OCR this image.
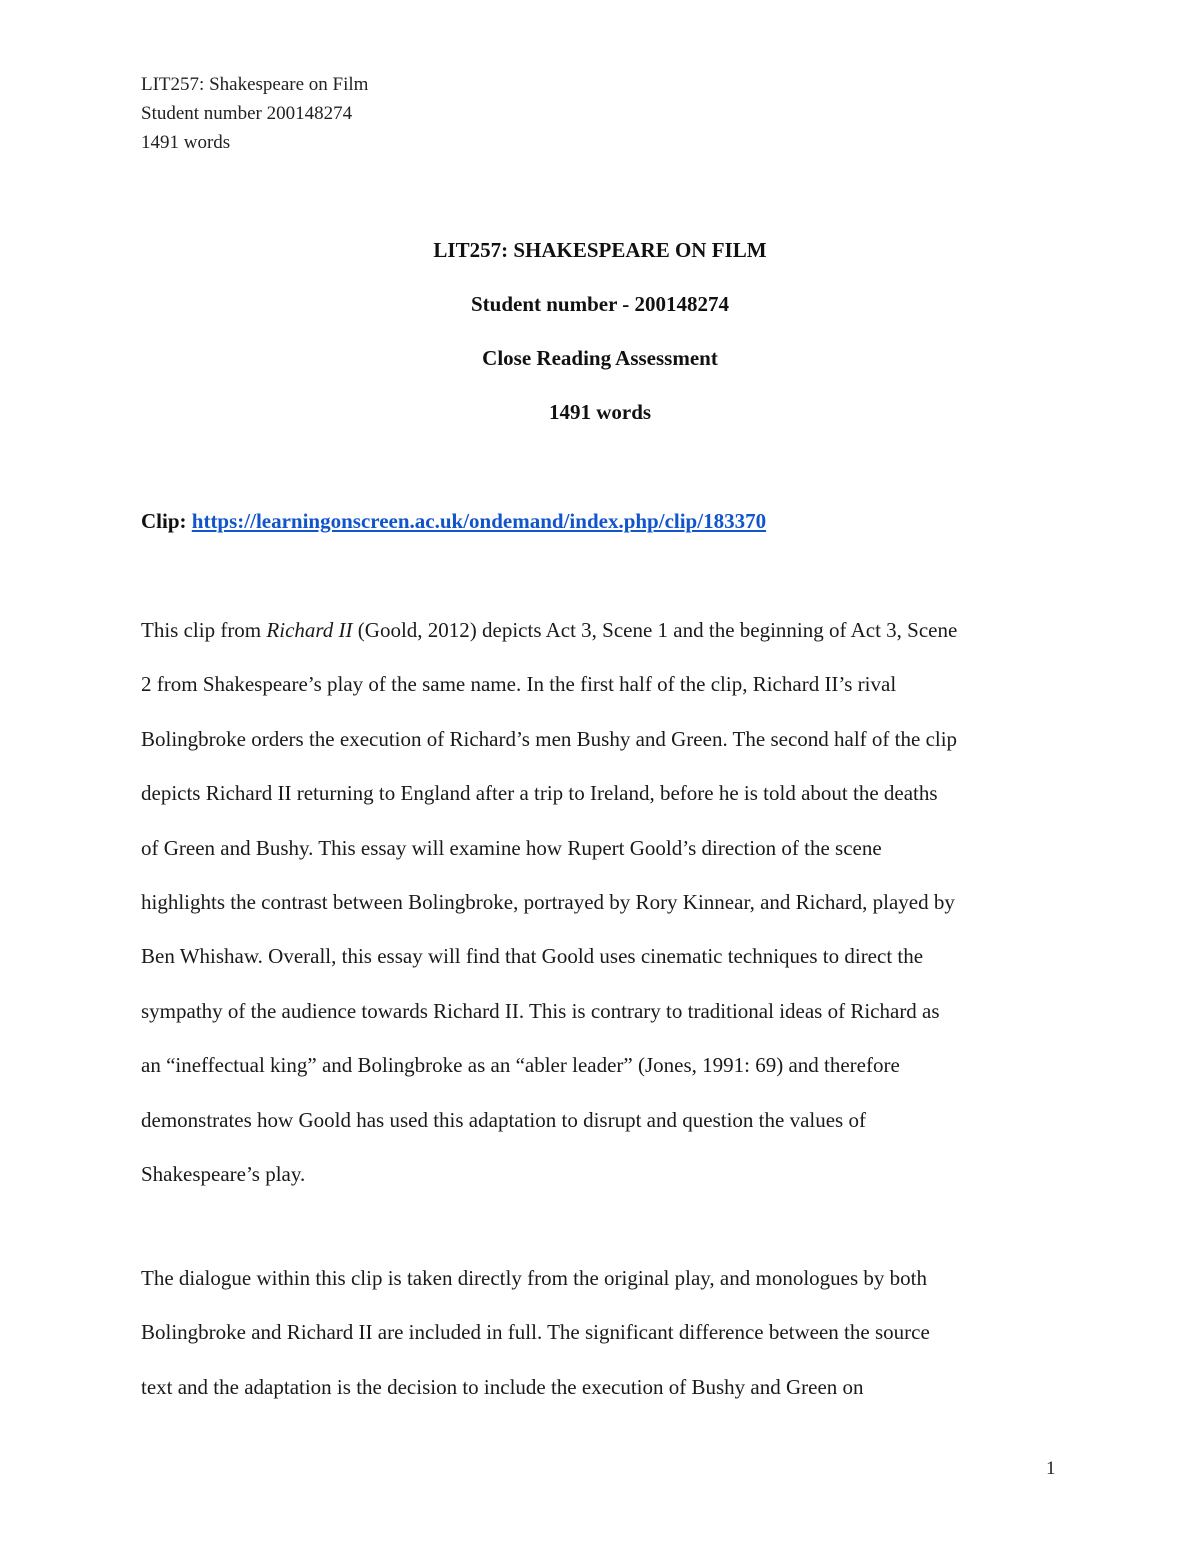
LIT257: Shakespeare on Film
Student number 200148274
1491 words
LIT257: SHAKESPEARE ON FILM
Student number - 200148274
Close Reading Assessment
1491 words
Clip: https://learningonscreen.ac.uk/ondemand/index.php/clip/183370
This clip from Richard II (Goold, 2012) depicts Act 3, Scene 1 and the beginning of Act 3, Scene
2 from Shakespeare’s play of the same name. In the first half of the clip, Richard II’s rival
Bolingbroke orders the execution of Richard’s men Bushy and Green. The second half of the clip
depicts Richard II returning to England after a trip to Ireland, before he is told about the deaths
of Green and Bushy. This essay will examine how Rupert Goold’s direction of the scene
highlights the contrast between Bolingbroke, portrayed by Rory Kinnear, and Richard, played by
Ben Whishaw. Overall, this essay will find that Goold uses cinematic techniques to direct the
sympathy of the audience towards Richard II. This is contrary to traditional ideas of Richard as
an “ineffectual king” and Bolingbroke as an “abler leader” (Jones, 1991: 69) and therefore
demonstrates how Goold has used this adaptation to disrupt and question the values of
Shakespeare’s play.
The dialogue within this clip is taken directly from the original play, and monologues by both
Bolingbroke and Richard II are included in full. The significant difference between the source
text and the adaptation is the decision to include the execution of Bushy and Green on
1
